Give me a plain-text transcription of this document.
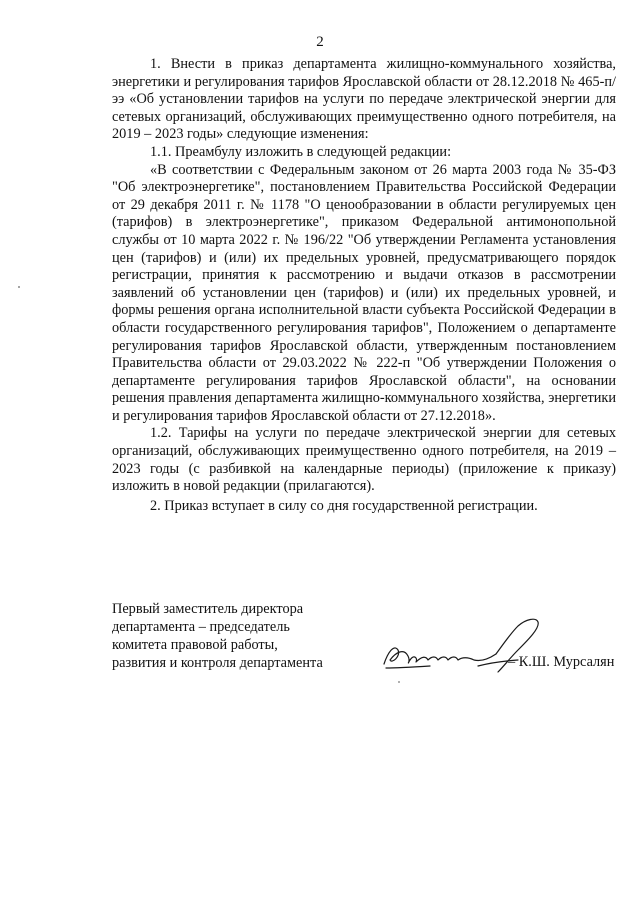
2

1. Внести в приказ департамента жилищно-коммунального хозяйства, энергетики и регулирования тарифов Ярославской области от 28.12.2018 № 465-п/ээ «Об установлении тарифов на услуги по передаче электрической энергии для сетевых организаций, обслуживающих преимущественно одного потребителя, на 2019 – 2023 годы» следующие изменения:

1.1. Преамбулу изложить в следующей редакции:

«В соответствии с Федеральным законом от 26 марта 2003 года № 35-ФЗ "Об электроэнергетике", постановлением Правительства Российской Федерации от 29 декабря 2011 г. № 1178 "О ценообразовании в области регулируемых цен (тарифов) в электроэнергетике", приказом Федеральной антимонопольной службы от 10 марта 2022 г. № 196/22 "Об утверждении Регламента установления цен (тарифов) и (или) их предельных уровней, предусматривающего порядок регистрации, принятия к рассмотрению и выдачи отказов в рассмотрении заявлений об установлении цен (тарифов) и (или) их предельных уровней, и формы решения органа исполнительной власти субъекта Российской Федерации в области государственного регулирования тарифов", Положением о департаменте регулирования тарифов Ярославской области, утвержденным постановлением Правительства области от 29.03.2022 № 222-п "Об утверждении Положения о департаменте регулирования тарифов Ярославской области", на основании решения правления департамента жилищно-коммунального хозяйства, энергетики и регулирования тарифов Ярославской области от 27.12.2018».

1.2. Тарифы на услуги по передаче электрической энергии для сетевых организаций, обслуживающих преимущественно одного потребителя, на 2019 – 2023 годы (с разбивкой на календарные периоды) (приложение к приказу) изложить в новой редакции (прилагаются).

2. Приказ вступает в силу со дня государственной регистрации.

Первый заместитель директора
департамента – председатель
комитета правовой работы,
развития и контроля департамента	– К.Ш. Мурсалян
